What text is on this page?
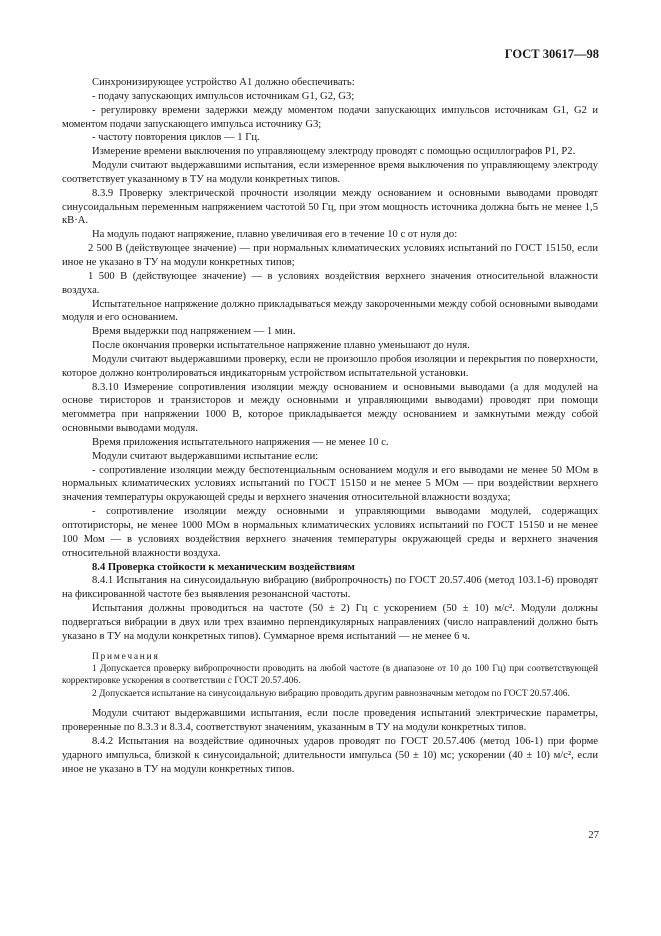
ГОСТ 30617—98

Синхронизирующее устройство A1 должно обеспечивать:

- подачу запускающих импульсов источникам G1, G2, G3;

- регулировку времени задержки между моментом подачи запускающих импульсов источникам G1, G2 и моментом подачи запускающего импульса источнику G3;

- частоту повторения циклов — 1 Гц.

Измерение времени выключения по управляющему электроду проводят с помощью осциллографов P1, P2.

Модули считают выдержавшими испытания, если измеренное время выключения по управляющему электроду соответствует указанному в ТУ на модули конкретных типов.

8.3.9 Проверку электрической прочности изоляции между основанием и основными выводами проводят синусоидальным переменным напряжением частотой 50 Гц, при этом мощность источника должна быть не менее 1,5 кВ·А.

На модуль подают напряжение, плавно увеличивая его в течение 10 с от нуля до:

2 500 В (действующее значение) — при нормальных климатических условиях испытаний по ГОСТ 15150, если иное не указано в ТУ на модули конкретных типов;

1 500 В (действующее значение) — в условиях воздействия верхнего значения относительной влажности воздуха.

Испытательное напряжение должно прикладываться между закороченными между собой основными выводами модуля и его основанием.

Время выдержки под напряжением — 1 мин.

После окончания проверки испытательное напряжение плавно уменьшают до нуля.

Модули считают выдержавшими проверку, если не произошло пробоя изоляции и перекрытия по поверхности, которое должно контролироваться индикаторным устройством испытательной установки.

8.3.10 Измерение сопротивления изоляции между основанием и основными выводами (а для модулей на основе тиристоров и транзисторов и между основными и управляющими выводами) проводят при помощи мегомметра при напряжении 1000 В, которое прикладывается между основанием и замкнутыми между собой основными выводами модуля.

Время приложения испытательного напряжения — не менее 10 с.

Модули считают выдержавшими испытание если:

- сопротивление изоляции между беспотенциальным основанием модуля и его выводами не менее 50 МОм в нормальных климатических условиях испытаний по ГОСТ 15150 и не менее 5 МОм — при воздействии верхнего значения температуры окружающей среды и верхнего значения относительной влажности воздуха;

- сопротивление изоляции между основными и управляющими выводами модулей, содержащих оптотиристоры, не менее 1000 МОм в нормальных климатических условиях испытаний по ГОСТ 15150 и не менее 100 Мом — в условиях воздействия верхнего значения температуры окружающей среды и верхнего значения относительной влажности воздуха.

8.4 Проверка стойкости к механическим воздействиям

8.4.1 Испытания на синусоидальную вибрацию (вибропрочность) по ГОСТ 20.57.406 (метод 103.1-6) проводят на фиксированной частоте без выявления резонансной частоты.

Испытания должны проводиться на частоте (50 ± 2) Гц с ускорением (50 ± 10) м/с². Модули должны подвергаться вибрации в двух или трех взаимно перпендикулярных направлениях (число направлений должно быть указано в ТУ на модули конкретных типов). Суммарное время испытаний — не менее 6 ч.

Примечания

1 Допускается проверку вибропрочности проводить на любой частоте (в диапазоне от 10 до 100 Гц) при соответствующей корректировке ускорения в соответствии с ГОСТ 20.57.406.

2 Допускается испытание на синусоидальную вибрацию проводить другим равнозначным методом по ГОСТ 20.57.406.

Модули считают выдержавшими испытания, если после проведения испытаний электрические параметры, проверенные по 8.3.3 и 8.3.4, соответствуют значениям, указанным в ТУ на модули конкретных типов.

8.4.2 Испытания на воздействие одиночных ударов проводят по ГОСТ 20.57.406 (метод 106-1) при форме ударного импульса, близкой к синусоидальной; длительности импульса (50 ± 10) мс; ускорении (40 ± 10) м/с², если иное не указано в ТУ на модули конкретных типов.

27
